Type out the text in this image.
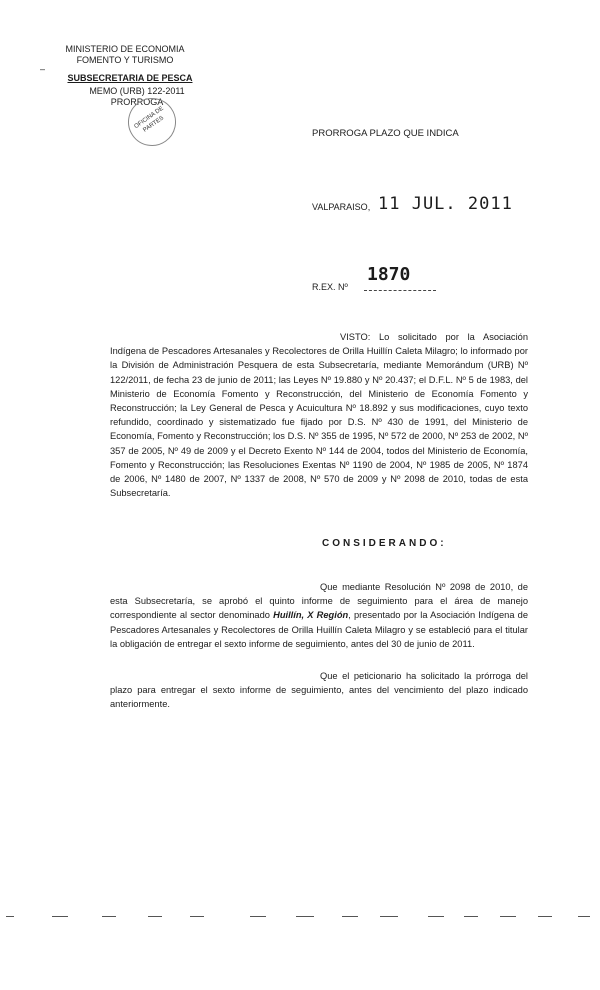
MINISTERIO DE ECONOMIA
FOMENTO Y TURISMO
–
SUBSECRETARIA DE PESCA
MEMO (URB) 122-2011 PRORROGA
OFICINA DE PARTES	PRORROGA PLAZO QUE INDICA
VALPARAISO, 11 JUL. 2011
R.EX. Nº
1870
VISTO: Lo solicitado por la Asociación Indígena de Pescadores Artesanales y Recolectores de Orilla Huillín Caleta Milagro; lo informado por la División de Administración Pesquera de esta Subsecretaría, mediante Memorándum (URB) Nº 122/2011, de fecha 23 de junio de 2011; las Leyes Nº 19.880 y Nº 20.437; el D.F.L. Nº 5 de 1983, del Ministerio de Economía Fomento y Reconstrucción, del Ministerio de Economía Fomento y Reconstrucción; la Ley General de Pesca y Acuicultura Nº 18.892 y sus modificaciones, cuyo texto refundido, coordinado y sistematizado fue fijado por D.S. Nº 430 de 1991, del Ministerio de Economía, Fomento y Reconstrucción; los D.S. Nº 355 de 1995, Nº 572 de 2000, Nº 253 de 2002, Nº 357 de 2005, Nº 49 de 2009 y el Decreto Exento Nº 144 de 2004, todos del Ministerio de Economía, Fomento y Reconstrucción; las Resoluciones Exentas Nº 1190 de 2004, Nº 1985 de 2005, Nº 1874 de 2006, Nº 1480 de 2007, Nº 1337 de 2008, Nº 570 de 2009 y Nº 2098 de 2010, todas de esta Subsecretaría.
CONSIDERANDO:
Que mediante Resolución Nº 2098 de 2010, de esta Subsecretaría, se aprobó el quinto informe de seguimiento para el área de manejo correspondiente al sector denominado Huillín, X Región, presentado por la Asociación Indígena de Pescadores Artesanales y Recolectores de Orilla Huillín Caleta Milagro y se estableció para el titular la obligación de entregar el sexto informe de seguimiento, antes del 30 de junio de 2011.
Que el peticionario ha solicitado la prórroga del plazo para entregar el sexto informe de seguimiento, antes del vencimiento del plazo indicado anteriormente.
